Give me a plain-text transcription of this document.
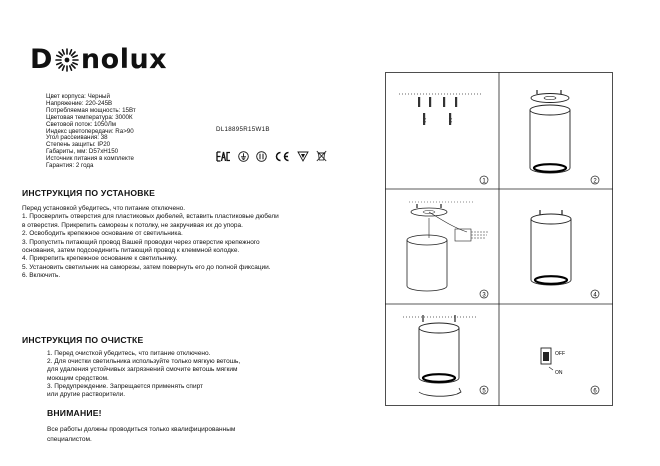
D nolux
Цвет корпуса: Черный
Напряжение: 220-245В
Потребляемая мощность: 15Вт
Цветовая температура: 3000К
Световой поток: 1050Лм
Индекс цветопередачи: Ra>90
Угол рассеивания: 38
Степень защиты: IP20
Габариты, мм: D57xH150
Источник питания в комплекте
Гарантия: 2 года
DL18895R15W1B
ИНСТРУКЦИЯ ПО УСТАНОВКЕ
Перед установкой убедитесь, что питание отключено.
1. Просверлить отверстия для пластиковых дюбелей, вставить пластиковые дюбели
в отверстия. Прикрепить саморезы к потолку, не закручивая их до упора.
2. Освободить крепежное основание от светильника.
3. Пропустить питающий провод Вашей проводки через отверстие крепежного
основания, затем подсоединить питающий провод к клеммной колодке.
4. Прикрепить крепежное основание к светильнику.
5. Установить светильник на саморезы, затем повернуть его до полной фиксации.
6. Включить.
ИНСТРУКЦИЯ ПО ОЧИСТКЕ
1. Перед очисткой убедитесь, что питание отключено.
2. Для очистки светильника используйте только мягкую ветошь,
для удаления устойчивых загрязнений смочите ветошь мягким
моющим средством.
3. Предупреждение. Запрещается применять спирт
или другие растворители.
ВНИМАНИЕ!
Все работы должны проводиться только квалифицированным
специалистом.
1	2
3	4
5
OFF
ON
6
